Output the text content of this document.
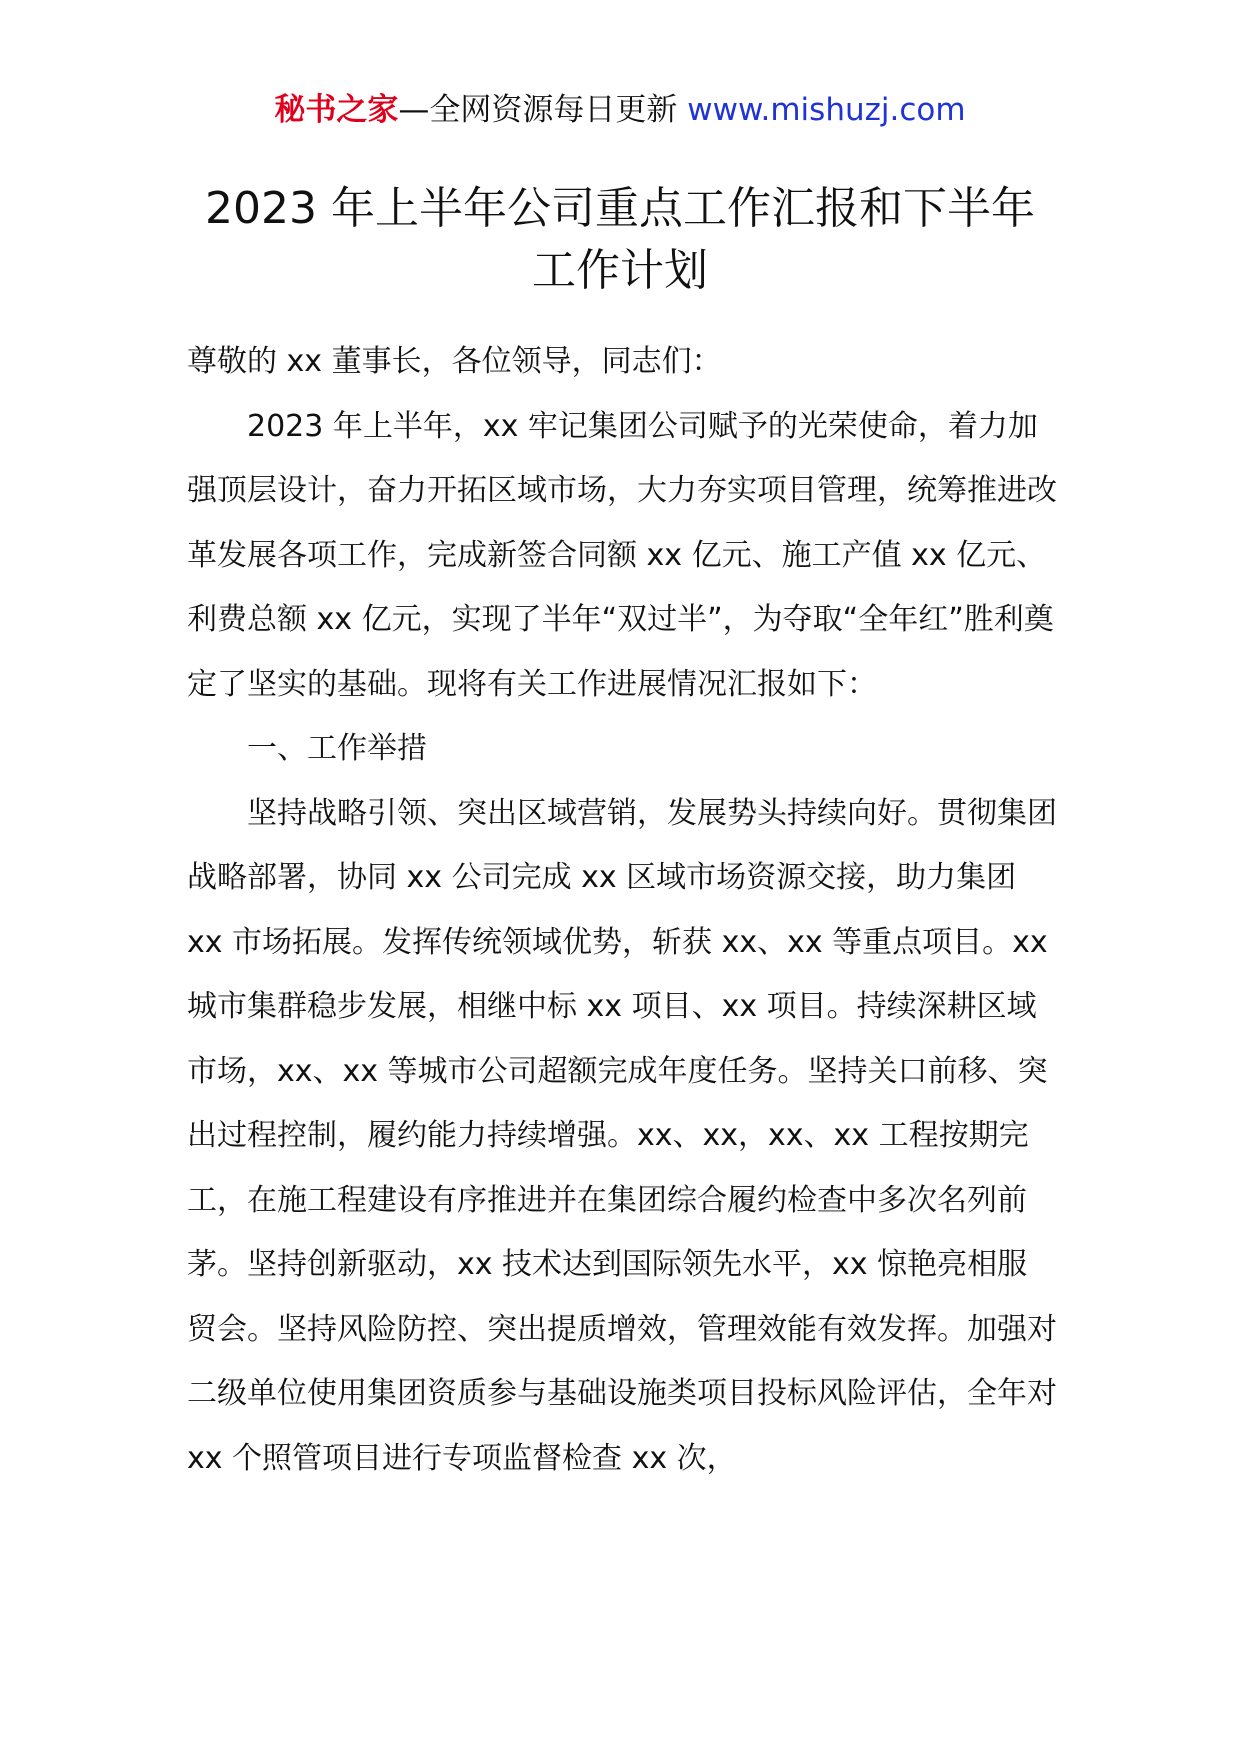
秘书之家—全网资源每日更新 www.mishuzj.com
2023 年上半年公司重点工作汇报和下半年
工作计划

尊敬的 xx 董事长，各位领导，同志们：

2023 年上半年，xx 牢记集团公司赋予的光荣使命，着力加强顶层设计，奋力开拓区域市场，大力夯实项目管理，统筹推进改革发展各项工作，完成新签合同额 xx 亿元、施工产值 xx 亿元、利费总额 xx 亿元，实现了半年“双过半”，为夺取“全年红”胜利奠定了坚实的基础。现将有关工作进展情况汇报如下：

一、工作举措

坚持战略引领、突出区域营销，发展势头持续向好。贯彻集团战略部署，协同 xx 公司完成 xx 区域市场资源交接，助力集团 xx 市场拓展。发挥传统领域优势，斩获 xx、xx 等重点项目。xx 城市集群稳步发展，相继中标 xx 项目、xx 项目。持续深耕区域市场，xx、xx 等城市公司超额完成年度任务。坚持关口前移、突出过程控制，履约能力持续增强。xx、xx，xx、xx 工程按期完工，在施工程建设有序推进并在集团综合履约检查中多次名列前茅。坚持创新驱动，xx 技术达到国际领先水平，xx 惊艳亮相服贸会。坚持风险防控、突出提质增效，管理效能有效发挥。加强对二级单位使用集团资质参与基础设施类项目投标风险评估，全年对 xx 个照管项目进行专项监督检查 xx 次，
